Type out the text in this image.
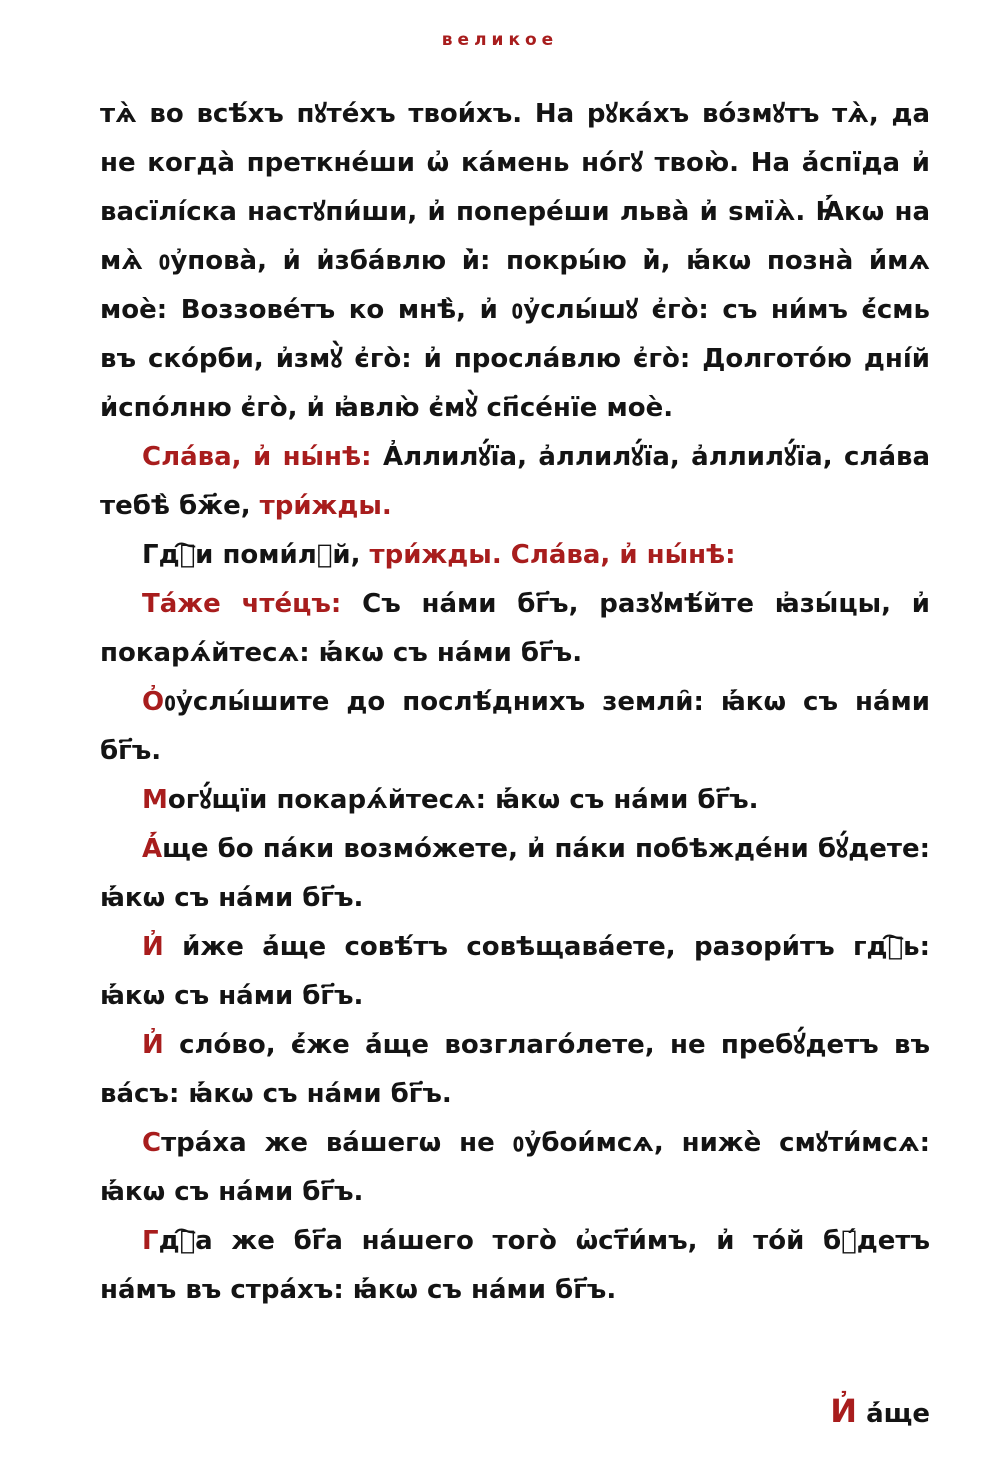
великое

тѧ̀ во всѣ́хъ пꙋте́хъ твои́хъ. На рꙋка́хъ во́змꙋтъ тѧ̀, да не когда̀ преткне́ши ѡ҆ ка́мень но́гꙋ твою̀. На а҆́спїда и҆ васїлі́ска настꙋпи́ши, и҆ попере́ши льва̀ и҆ ѕмїѧ̀. Ꙗ҆́кѡ на мѧ̀ ᲂу҆пова̀, и҆ и҆зба́влю и҆̀: покры́ю и҆̀, ꙗ҆́кѡ позна̀ и҆́мѧ моѐ: Воззове́тъ ко мнѣ̀, и҆ ᲂу҆слы́шꙋ є҆го̀: съ ни́мъ є҆́смь въ ско́рби, и҆змꙋ̀ є҆го̀: и҆ просла́влю є҆го̀: Долгото́ю дні́й и҆спо́лню є҆го̀, и҆ ꙗ҆влю̀ є҆мꙋ̀ сп҃се́нїе моѐ.

Сла́ва, и҆ ны́нѣ: А҆ллилꙋ́їа, а҆ллилꙋ́їа, а҆ллилꙋ́їа, сла́ва тебѣ̀ бж҃е, три́жды.

Гдⷭ҇и поми́лꙋй, три́жды. Сла́ва, и҆ ны́нѣ:

Та́же чте́цъ: Съ на́ми бг҃ъ, разꙋмѣ́йте ꙗ҆зы́цы, и҆ покарѧ́йтесѧ: ꙗ҆́кѡ съ на́ми бг҃ъ.

О҆ᲂу҆слы́шите до послѣ́днихъ земли̑: ꙗ҆́кѡ съ на́ми бг҃ъ.

Могꙋ́щїи покарѧ́йтесѧ: ꙗ҆́кѡ съ на́ми бг҃ъ.

А҆́ще бо па́ки возмо́жете, и҆ па́ки побѣжде́ни бꙋ́дете: ꙗ҆́кѡ съ на́ми бг҃ъ.

И҆ и҆́же а҆́ще совѣ́тъ совѣщава́ете, разори́тъ гдⷭ҇ь: ꙗ҆́кѡ съ на́ми бг҃ъ.

И҆ сло́во, є҆́же а҆́ще возглаго́лете, не пребꙋ́детъ въ ва́съ: ꙗ҆́кѡ съ на́ми бг҃ъ.

Стра́ха же ва́шегѡ не ᲂу҆бои́мсѧ, нижѐ смꙋти́мсѧ: ꙗ҆́кѡ съ на́ми бг҃ъ.

Гдⷭ҇а же бг҃а на́шего того̀ ѡ҆ст҃и́мъ, и҆ то́й бꙋ́детъ на́мъ въ стра́хъ: ꙗ҆́кѡ съ на́ми бг҃ъ.

И҆ а҆́ще
